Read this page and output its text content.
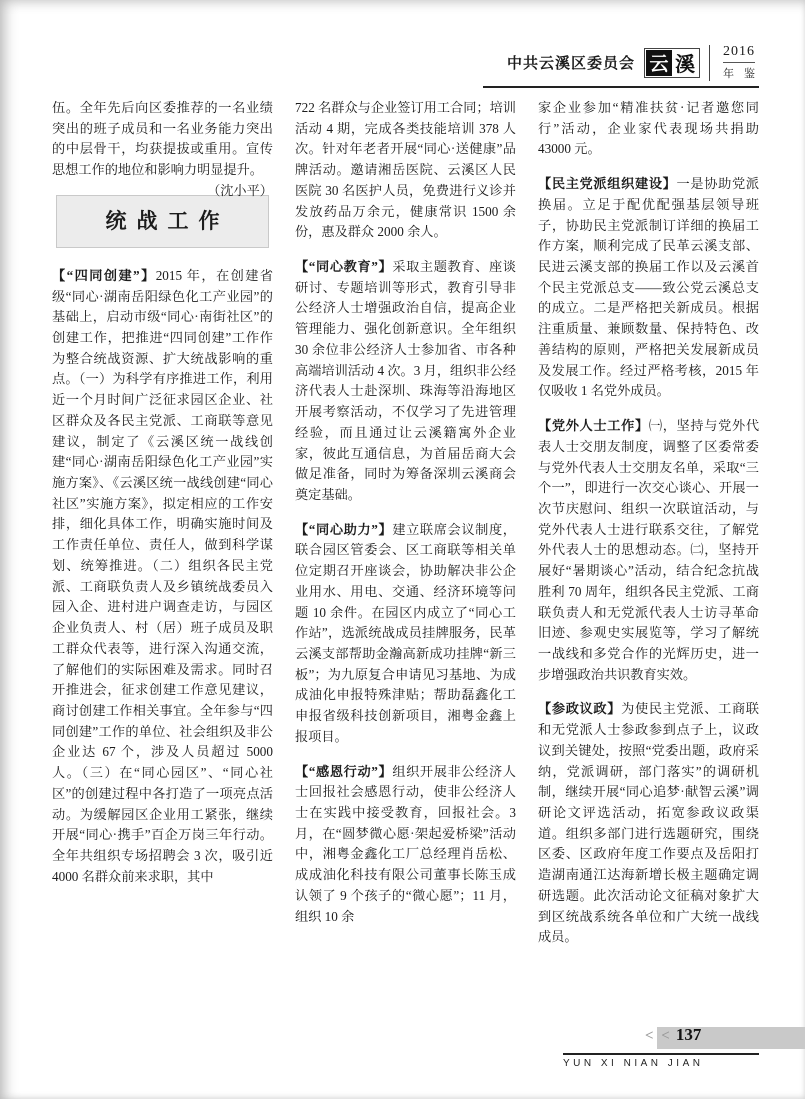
中共云溪区委员会 云 溪
2016
年 鉴

伍。全年先后向区委推荐的一名业绩突出的班子成员和一名业务能力突出的中层骨干，均获提拔或重用。宣传思想工作的地位和影响力明显提升。
（沈小平）

统战工作

【“四同创建”】2015 年，在创建省级“同心·湖南岳阳绿色化工产业园”的基础上，启动市级“同心·南街社区”的创建工作，把推进“四同创建”工作作为整合统战资源、扩大统战影响的重点。（一）为科学有序推进工作，利用近一个月时间广泛征求园区企业、社区群众及各民主党派、工商联等意见建议，制定了《云溪区统一战线创建“同心·湖南岳阳绿色化工产业园”实施方案》、《云溪区统一战线创建“同心社区”实施方案》，拟定相应的工作安排，细化具体工作，明确实施时间及工作责任单位、责任人，做到科学谋划、统筹推进。（二）组织各民主党派、工商联负责人及乡镇统战委员入园入企、进村进户调查走访，与园区企业负责人、村（居）班子成员及职工群众代表等，进行深入沟通交流，了解他们的实际困难及需求。同时召开推进会，征求创建工作意见建议，商讨创建工作相关事宜。全年参与“四同创建”工作的单位、社会组织及非公企业达 67 个，涉及人员超过 5000 人。（三）在“同心园区”、“同心社区”的创建过程中各打造了一项亮点活动。为缓解园区企业用工紧张，继续开展“同心·携手”百企万岗三年行动。全年共组织专场招聘会 3 次，吸引近 4000 名群众前来求职，其中

722 名群众与企业签订用工合同；培训活动 4 期，完成各类技能培训 378 人次。针对年老者开展“同心·送健康”品牌活动。邀请湘岳医院、云溪区人民医院 30 名医护人员，免费进行义诊并发放药品万余元，健康常识 1500 余份，惠及群众 2000 余人。

【“同心教育”】采取主题教育、座谈研讨、专题培训等形式，教育引导非公经济人士增强政治自信，提高企业管理能力、强化创新意识。全年组织 30 余位非公经济人士参加省、市各种高端培训活动 4 次。3 月，组织非公经济代表人士赴深圳、珠海等沿海地区开展考察活动，不仅学习了先进管理经验，而且通过让云溪籍寓外企业家，彼此互通信息，为首届岳商大会做足准备，同时为筹备深圳云溪商会奠定基础。

【“同心助力”】建立联席会议制度，联合园区管委会、区工商联等相关单位定期召开座谈会，协助解决非公企业用水、用电、交通、经济环境等问题 10 余件。在园区内成立了“同心工作站”，选派统战成员挂牌服务，民革云溪支部帮助金瀚高新成功挂牌“新三板”；为九原复合申请见习基地、为成成油化申报特殊津贴；帮助磊鑫化工申报省级科技创新项目，湘粤金鑫上报项目。

【“感恩行动”】组织开展非公经济人士回报社会感恩行动，使非公经济人士在实践中接受教育，回报社会。3 月，在“圆梦微心愿·架起爱桥梁”活动中，湘粤金鑫化工厂总经理肖岳松、成成油化科技有限公司董事长陈玉成认领了 9 个孩子的“微心愿”；11 月，组织 10 余

家企业参加“精准扶贫·记者邀您同行”活动，企业家代表现场共捐助 43000 元。

【民主党派组织建设】一是协助党派换届。立足于配优配强基层领导班子，协助民主党派制订详细的换届工作方案，顺利完成了民革云溪支部、民进云溪支部的换届工作以及云溪首个民主党派总支——致公党云溪总支的成立。二是严格把关新成员。根据注重质量、兼顾数量、保持特色、改善结构的原则，严格把关发展新成员及发展工作。经过严格考核，2015 年仅吸收 1 名党外成员。

【党外人士工作】㈠，坚持与党外代表人士交朋友制度，调整了区委常委与党外代表人士交朋友名单，采取“三个一”，即进行一次交心谈心、开展一次节庆慰问、组织一次联谊活动，与党外代表人士进行联系交往，了解党外代表人士的思想动态。㈡，坚持开展好“暑期谈心”活动，结合纪念抗战胜利 70 周年，组织各民主党派、工商联负责人和无党派代表人士访寻革命旧迹、参观史实展览等，学习了解统一战线和多党合作的光辉历史，进一步增强政治共识教育实效。

【参政议政】为使民主党派、工商联和无党派人士参政参到点子上，议政议到关键处，按照“党委出题，政府采纳，党派调研，部门落实”的调研机制，继续开展“同心追梦·献智云溪”调研论文评选活动，拓宽参政议政渠道。组织多部门进行选题研究，围绕区委、区政府年度工作要点及岳阳打造湖南通江达海新增长极主题确定调研选题。此次活动论文征稿对象扩大到区统战系统各单位和广大统一战线成员。

< < 137
YUN XI NIAN JIAN
